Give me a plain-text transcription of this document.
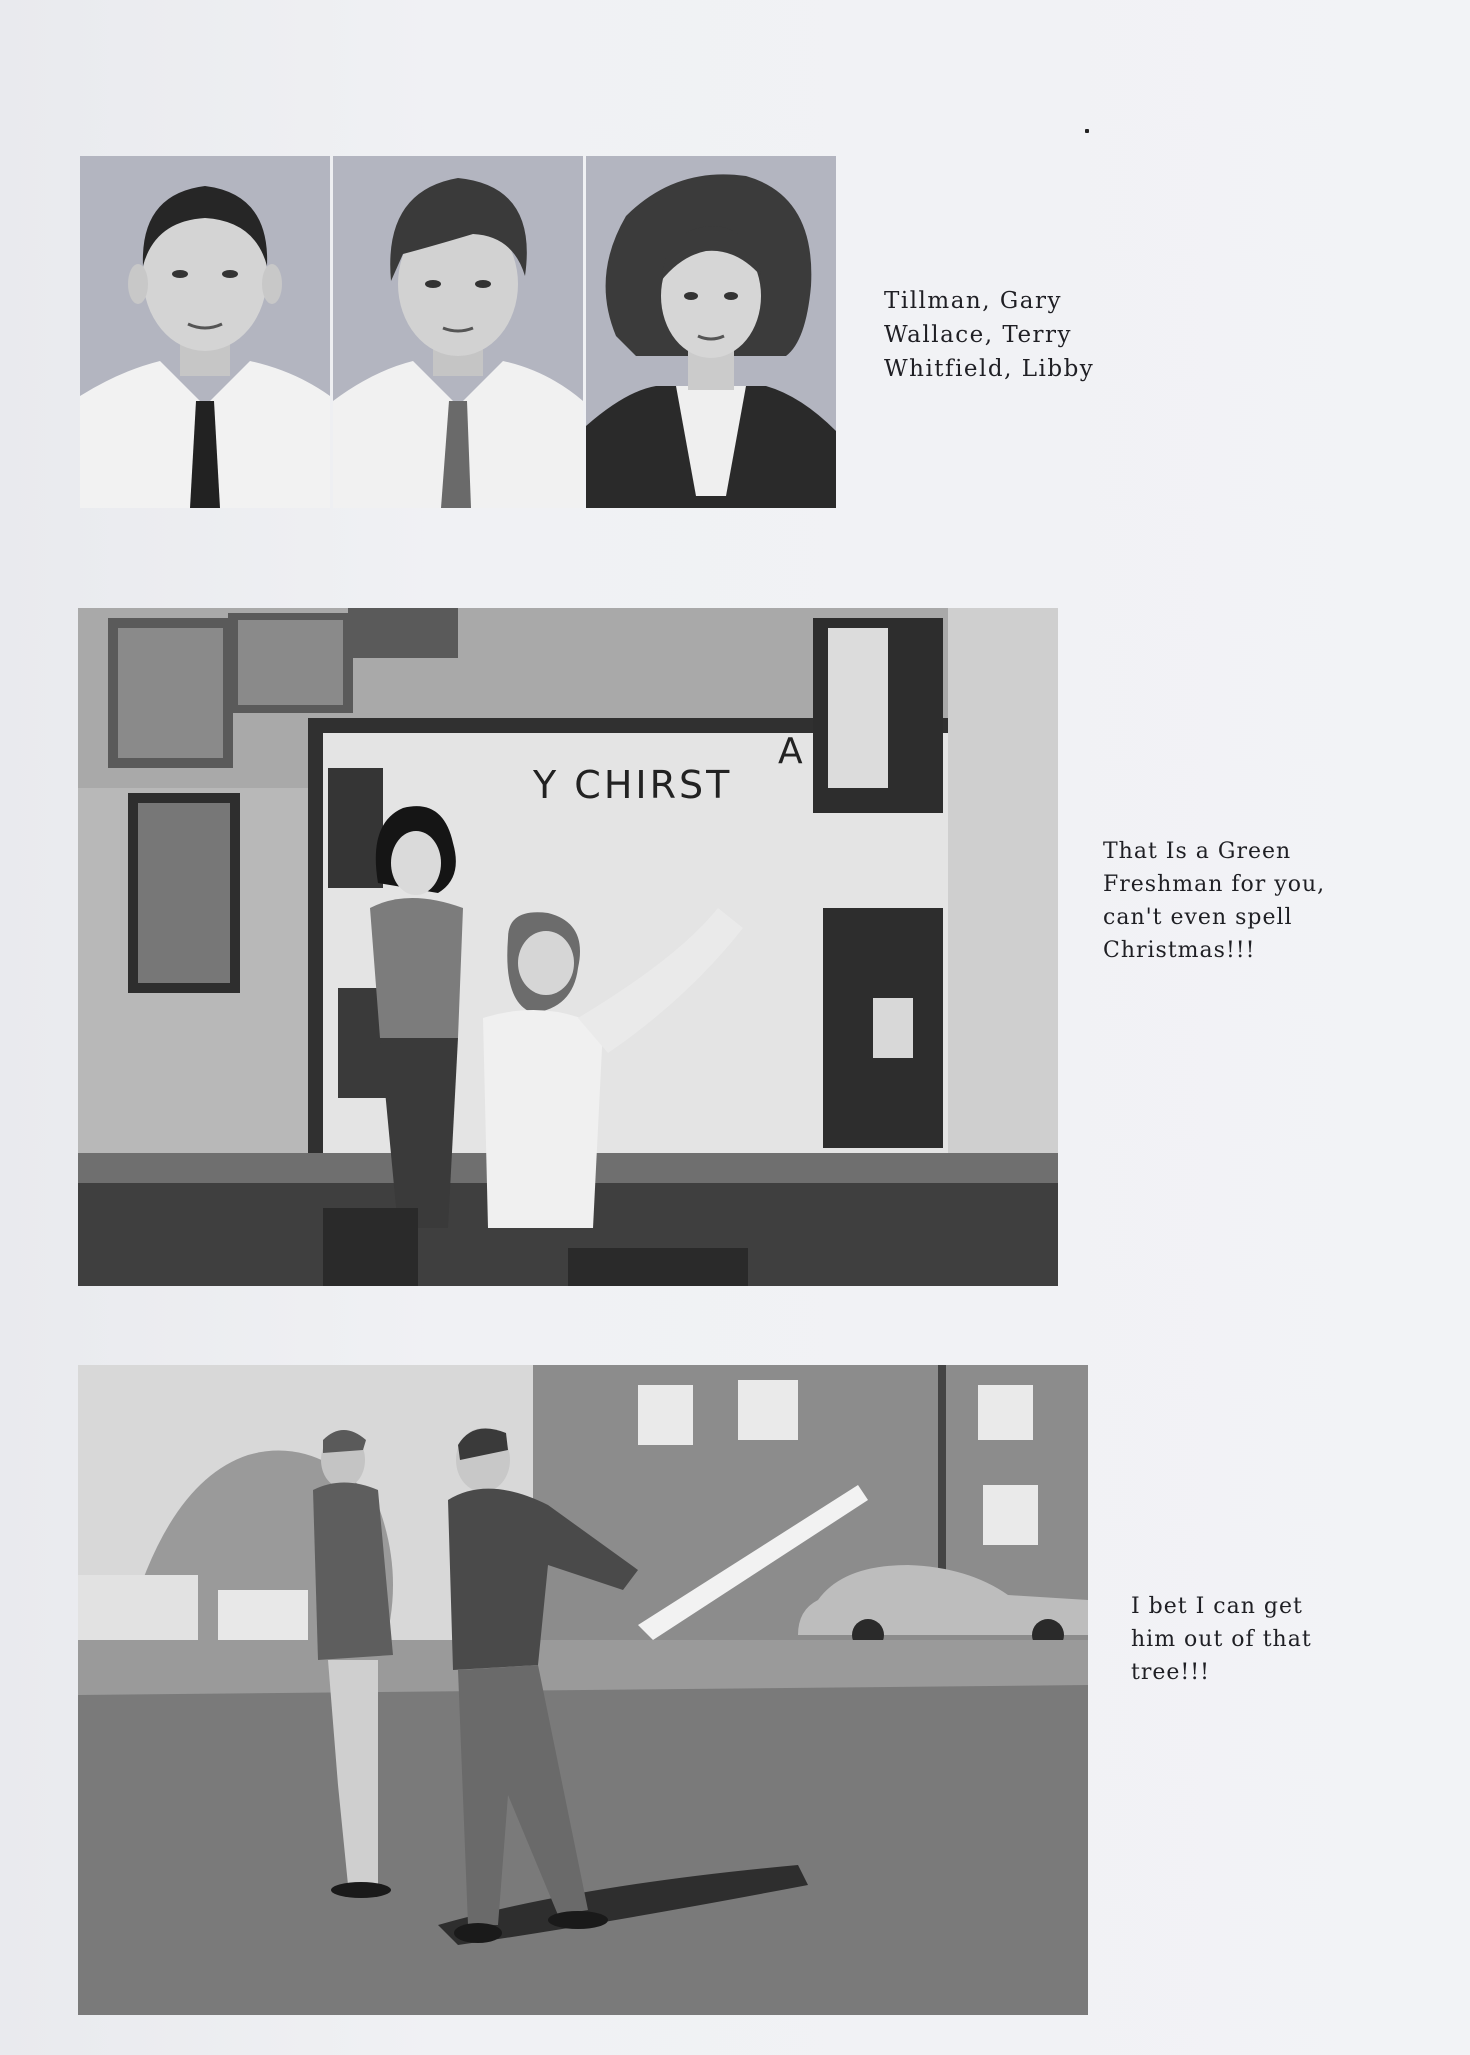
Tillman, Gary
Wallace, Terry
Whitfield, Libby
Y CHIRST
A
That Is a Green
Freshman for you,
can't even spell
Christmas!!!
I bet I can get
him out of that
tree!!!
